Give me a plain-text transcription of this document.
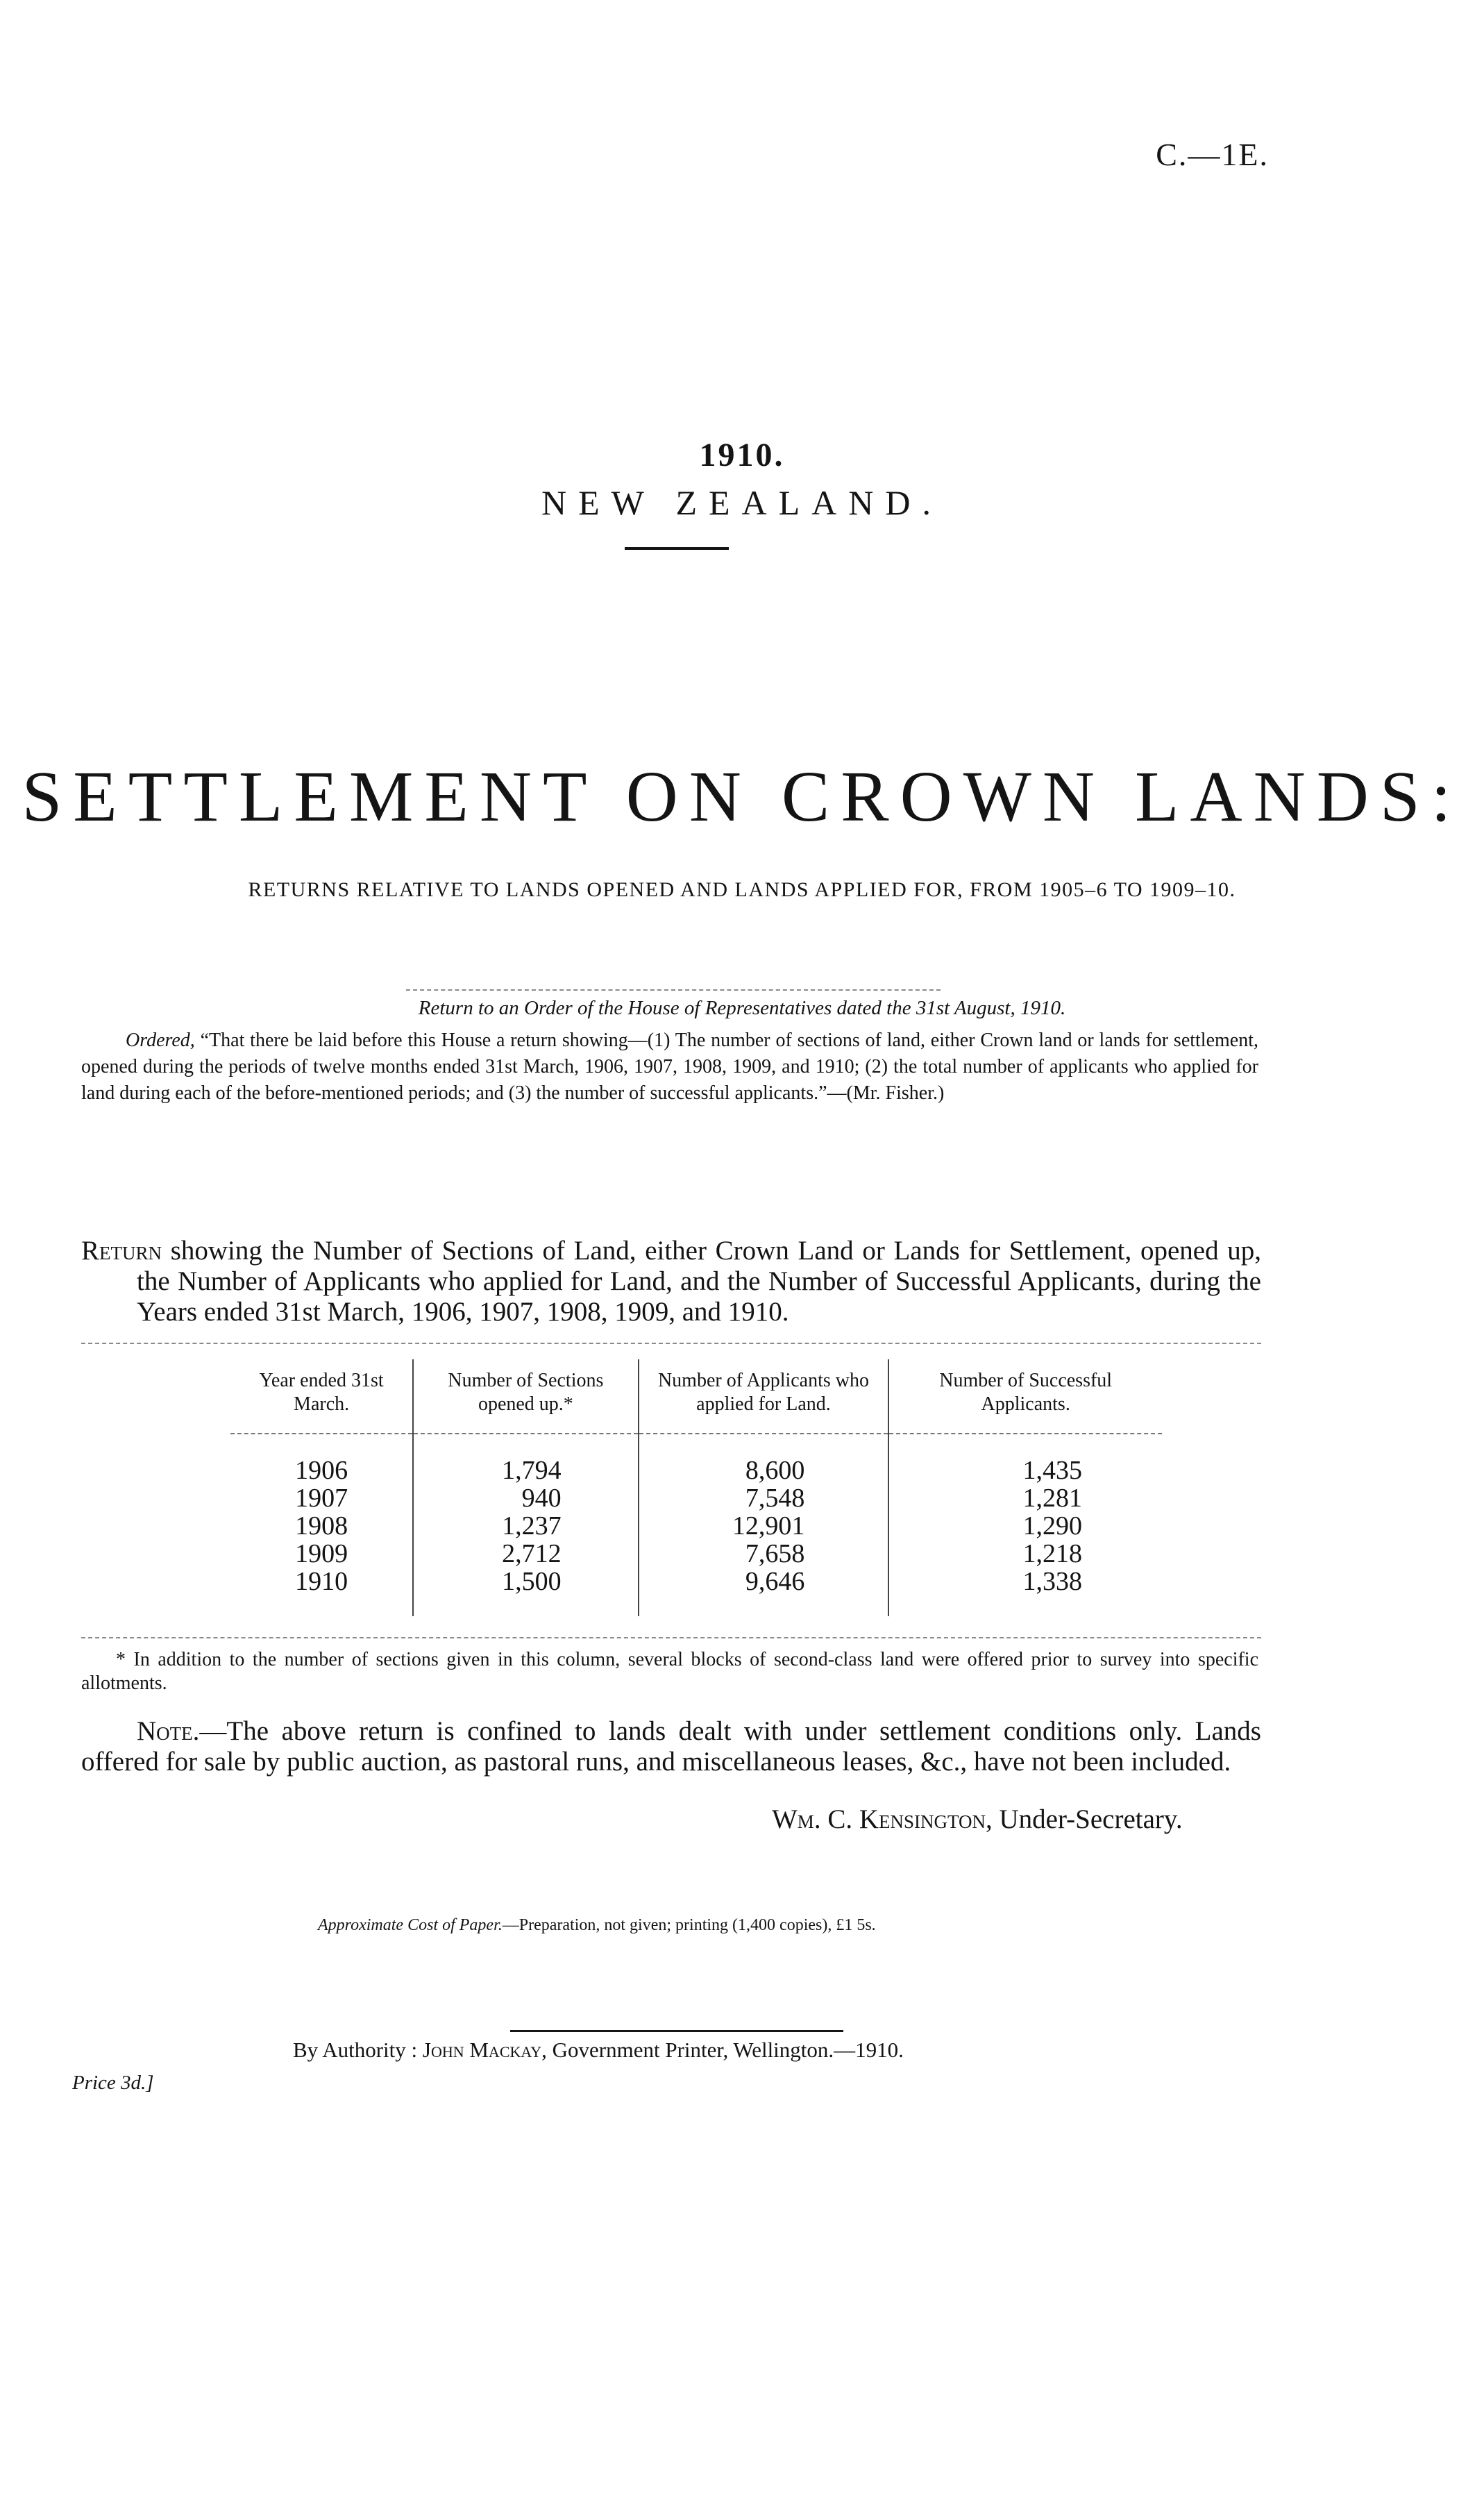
C.—1E.
1910.
NEW ZEALAND.
SETTLEMENT ON CROWN LANDS:
RETURNS RELATIVE TO LANDS OPENED AND LANDS APPLIED FOR, FROM 1905–6 TO 1909–10.
Return to an Order of the House of Representatives dated the 31st August, 1910.
Ordered, “That there be laid before this House a return showing—(1) The number of sections of land, either Crown land or lands for settlement, opened during the periods of twelve months ended 31st March, 1906, 1907, 1908, 1909, and 1910; (2) the total number of applicants who applied for land during each of the before-mentioned periods; and (3) the number of successful applicants.”—(Mr. Fisher.)
Return showing the Number of Sections of Land, either Crown Land or Lands for Settlement, opened up, the Number of Applicants who applied for Land, and the Number of Successful Applicants, during the Years ended 31st March, 1906, 1907, 1908, 1909, and 1910.
Year ended 31st March.	Number of Sections opened up.*	Number of Applicants who applied for Land.	Number of Successful Applicants.
1906	1,794	8,600	1,435
1907	940	7,548	1,281
1908	1,237	12,901	1,290
1909	2,712	7,658	1,218
1910	1,500	9,646	1,338
* In addition to the number of sections given in this column, several blocks of second-class land were offered prior to survey into specific allotments.
Note.—The above return is confined to lands dealt with under settlement conditions only. Lands offered for sale by public auction, as pastoral runs, and miscellaneous leases, &c., have not been included.
Wm. C. Kensington, Under-Secretary.
Approximate Cost of Paper.—Preparation, not given; printing (1,400 copies), £1 5s.
By Authority : John Mackay, Government Printer, Wellington.—1910.
Price 3d.]
